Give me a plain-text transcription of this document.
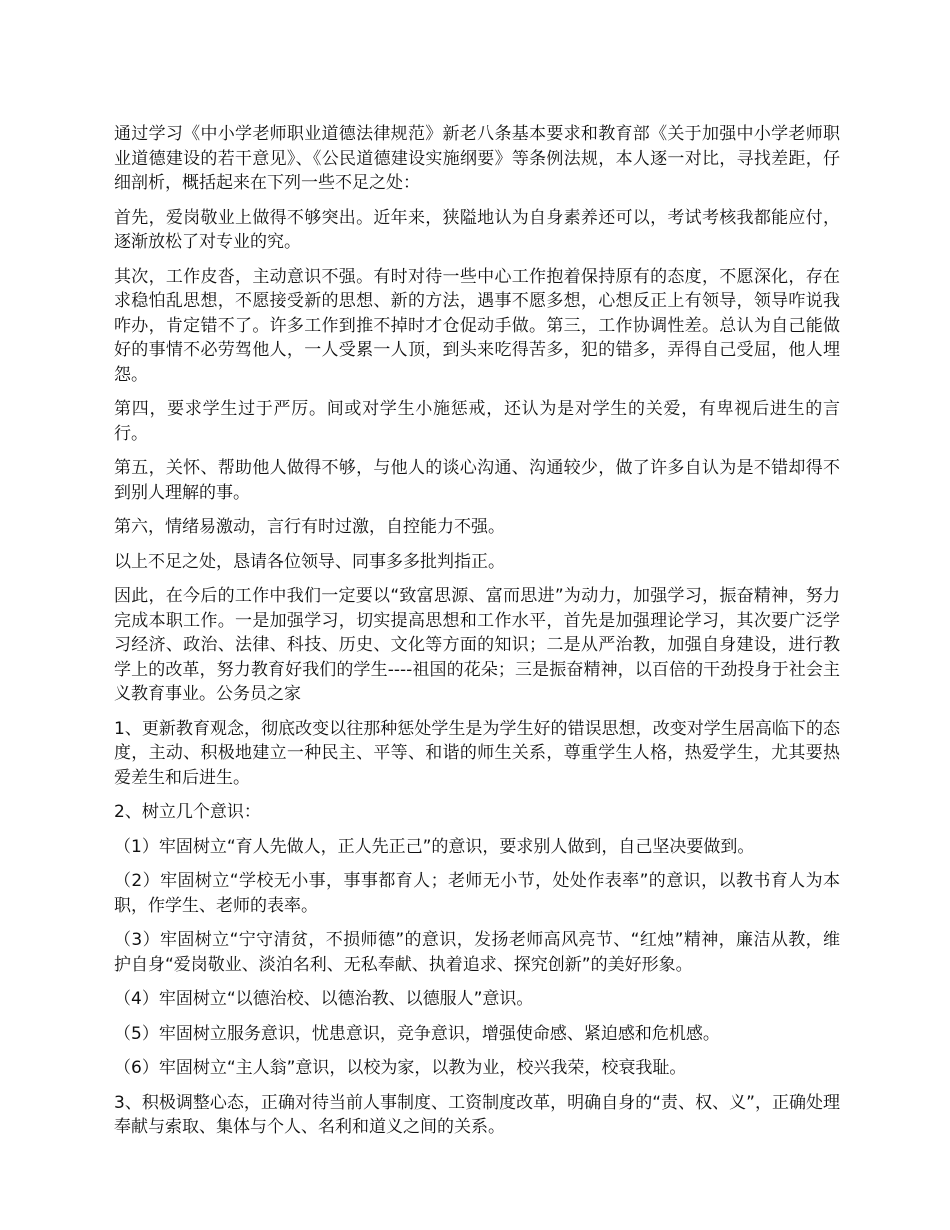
通过学习《中小学老师职业道德法律规范》新老八条基本要求和教育部《关于加强中小学老师职业道德建设的若干意见》、《公民道德建设实施纲要》等条例法规，本人逐一对比，寻找差距，仔细剖析，概括起来在下列一些不足之处：

首先，爱岗敬业上做得不够突出。近年来，狭隘地认为自身素养还可以，考试考核我都能应付，逐渐放松了对专业的究。

其次，工作皮沓，主动意识不强。有时对待一些中心工作抱着保持原有的态度，不愿深化，存在求稳怕乱思想，不愿接受新的思想、新的方法，遇事不愿多想，心想反正上有领导，领导咋说我咋办，肯定错不了。许多工作到推不掉时才仓促动手做。第三，工作协调性差。总认为自己能做好的事情不必劳驾他人，一人受累一人顶，到头来吃得苦多，犯的错多，弄得自己受屈，他人埋怨。

第四，要求学生过于严厉。间或对学生小施惩戒，还认为是对学生的关爱，有卑视后进生的言行。

第五，关怀、帮助他人做得不够，与他人的谈心沟通、沟通较少，做了许多自认为是不错却得不到别人理解的事。

第六，情绪易激动，言行有时过激，自控能力不强。

以上不足之处，恳请各位领导、同事多多批判指正。

因此，在今后的工作中我们一定要以“致富思源、富而思进”为动力，加强学习，振奋精神，努力完成本职工作。一是加强学习，切实提高思想和工作水平，首先是加强理论学习，其次要广泛学习经济、政治、法律、科技、历史、文化等方面的知识；二是从严治教，加强自身建设，进行教学上的改革，努力教育好我们的学生----祖国的花朵；三是振奋精神，以百倍的干劲投身于社会主义教育事业。公务员之家

1、更新教育观念，彻底改变以往那种惩处学生是为学生好的错误思想，改变对学生居高临下的态度，主动、积极地建立一种民主、平等、和谐的师生关系，尊重学生人格，热爱学生，尤其要热爱差生和后进生。

2、树立几个意识：

（1）牢固树立“育人先做人，正人先正己”的意识，要求别人做到，自己坚决要做到。

（2）牢固树立“学校无小事，事事都育人；老师无小节，处处作表率”的意识，以教书育人为本职，作学生、老师的表率。

（3）牢固树立“宁守清贫，不损师德”的意识，发扬老师高风亮节、“红烛”精神，廉洁从教，维护自身“爱岗敬业、淡泊名利、无私奉献、执着追求、探究创新”的美好形象。

（4）牢固树立“以德治校、以德治教、以德服人”意识。

（5）牢固树立服务意识，忧患意识，竞争意识，增强使命感、紧迫感和危机感。

（6）牢固树立“主人翁”意识，以校为家，以教为业，校兴我荣，校衰我耻。

3、积极调整心态，正确对待当前人事制度、工资制度改革，明确自身的“责、权、义”，正确处理奉献与索取、集体与个人、名利和道义之间的关系。
